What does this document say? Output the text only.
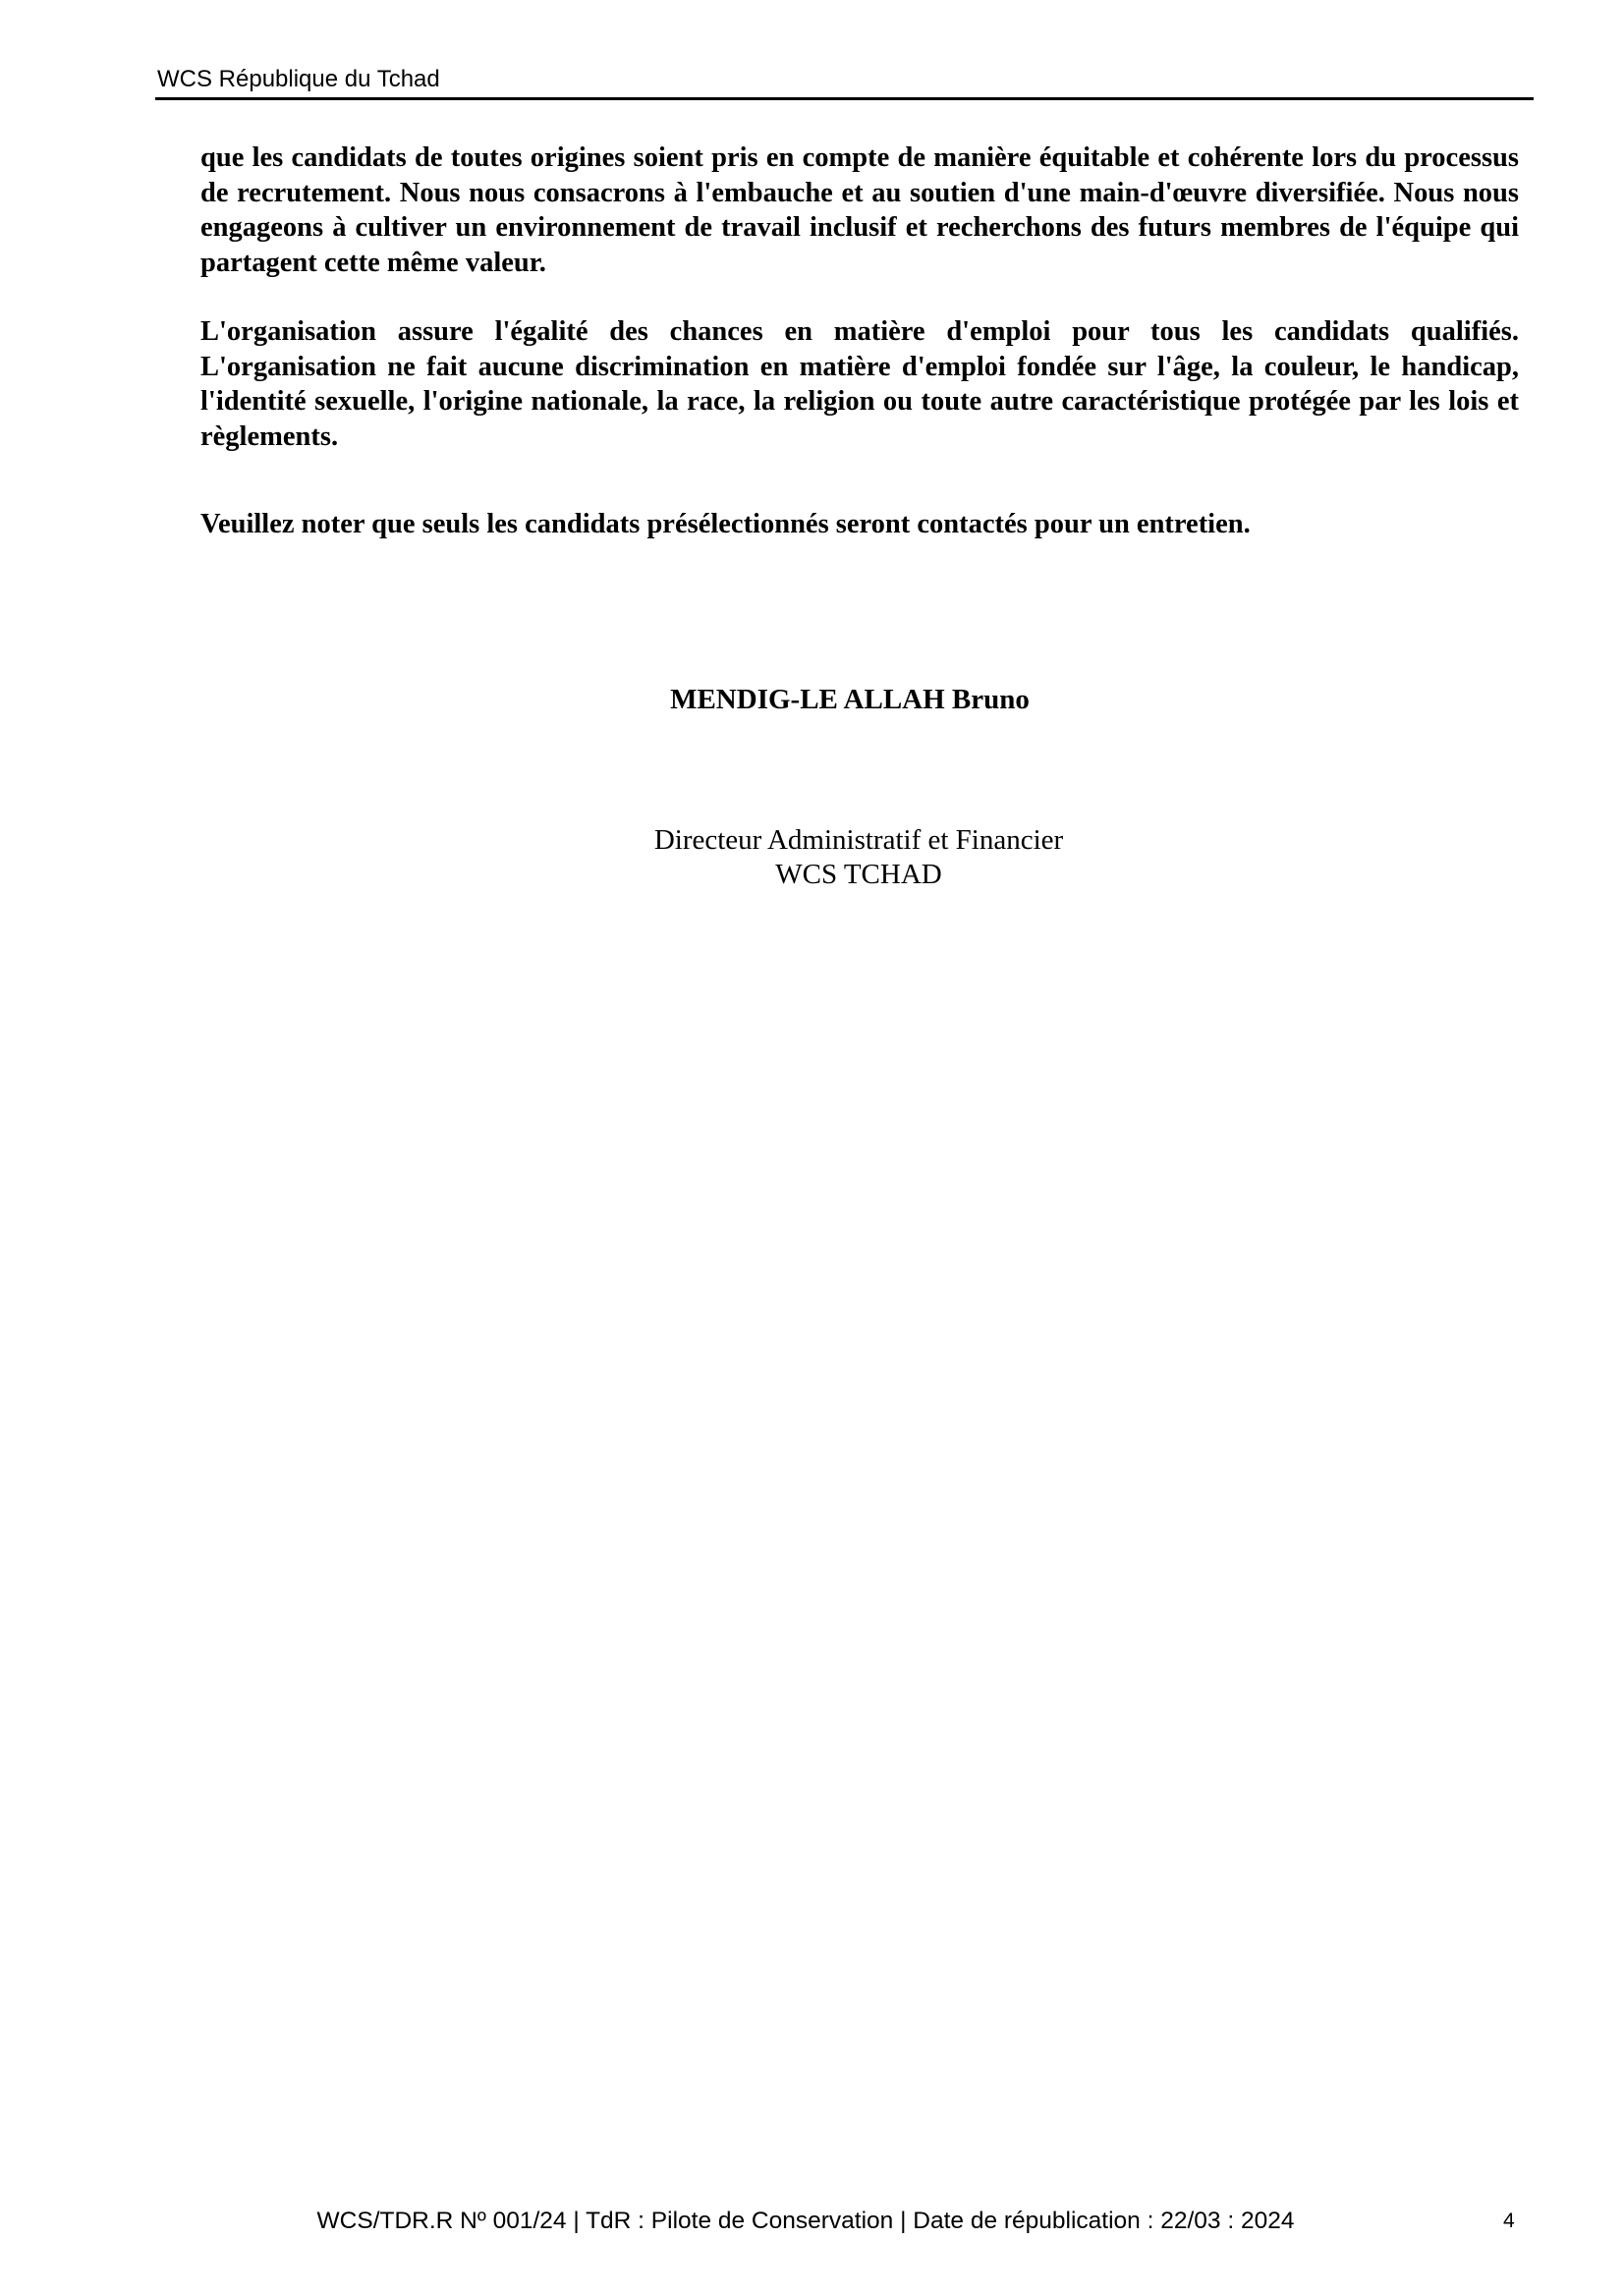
WCS République du Tchad

que les candidats de toutes origines soient pris en compte de manière équitable et cohérente lors du processus de recrutement. Nous nous consacrons à l'embauche et au soutien d'une main-d'œuvre diversifiée. Nous nous engageons à cultiver un environnement de travail inclusif et recherchons des futurs membres de l'équipe qui partagent cette même valeur.

L'organisation assure l'égalité des chances en matière d'emploi pour tous les candidats qualifiés. L'organisation ne fait aucune discrimination en matière d'emploi fondée sur l'âge, la couleur, le handicap, l'identité sexuelle, l'origine nationale, la race, la religion ou toute autre caractéristique protégée par les lois et règlements.

Veuillez noter que seuls les candidats présélectionnés seront contactés pour un entretien.

MENDIG-LE ALLAH Bruno
Directeur Administratif et Financier
WCS TCHAD
WCS/TDR.R Nº 001/24 | TdR : Pilote de Conservation | Date de républication : 22/03 : 2024	4
